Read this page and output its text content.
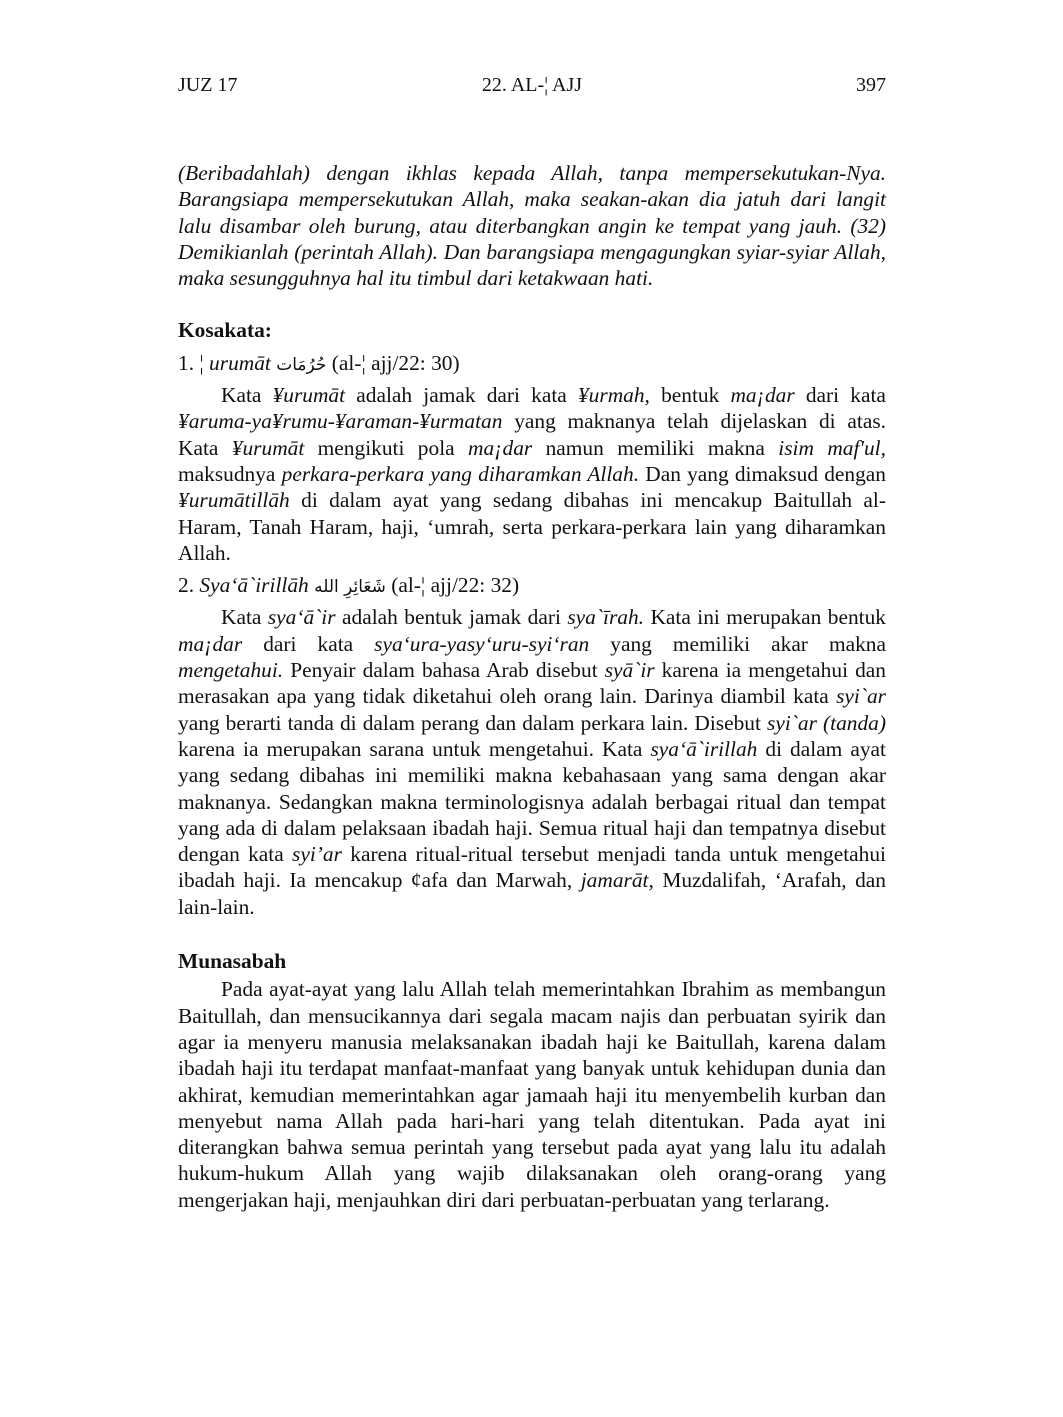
JUZ 17	22. AL-¦ AJJ	397

(Beribadahlah) dengan ikhlas kepada Allah, tanpa mempersekutukan-Nya. Barangsiapa mempersekutukan Allah, maka seakan-akan dia jatuh dari langit lalu disambar oleh burung, atau diterbangkan angin ke tempat yang jauh. (32) Demikianlah (perintah Allah). Dan barangsiapa mengagungkan syiar-syiar Allah, maka sesungguhnya hal itu timbul dari ketakwaan hati.

Kosakata:

1. ¦ urumāt حُرُمَات (al-¦ ajj/22: 30)

Kata ¥urumāt adalah jamak dari kata ¥urmah, bentuk ma¡dar dari kata ¥aruma-ya¥rumu-¥araman-¥urmatan yang maknanya telah dijelaskan di atas. Kata ¥urumāt mengikuti pola ma¡dar namun memiliki makna isim maf'ul, maksudnya perkara-perkara yang diharamkan Allah. Dan yang dimaksud dengan ¥urumātillāh di dalam ayat yang sedang dibahas ini mencakup Baitullah al-Haram, Tanah Haram, haji, ‘umrah, serta perkara-perkara lain yang diharamkan Allah.

2. Sya‘ā`irillāh شَعَائِرِ الله (al-¦ ajj/22: 32)

Kata sya‘ā`ir adalah bentuk jamak dari sya`īrah. Kata ini merupakan bentuk ma¡dar dari kata sya‘ura-yasy‘uru-syi‘ran yang memiliki akar makna mengetahui. Penyair dalam bahasa Arab disebut syā`ir karena ia mengetahui dan merasakan apa yang tidak diketahui oleh orang lain. Darinya diambil kata syi`ar yang berarti tanda di dalam perang dan dalam perkara lain. Disebut syi`ar (tanda) karena ia merupakan sarana untuk mengetahui. Kata sya‘ā`irillah di dalam ayat yang sedang dibahas ini memiliki makna kebahasaan yang sama dengan akar maknanya. Sedangkan makna terminologisnya adalah berbagai ritual dan tempat yang ada di dalam pelaksaan ibadah haji. Semua ritual haji dan tempatnya disebut dengan kata syi’ar karena ritual-ritual tersebut menjadi tanda untuk mengetahui ibadah haji. Ia mencakup ¢afa dan Marwah, jamarāt, Muzdalifah, ‘Arafah, dan lain-lain.

Munasabah

Pada ayat-ayat yang lalu Allah telah memerintahkan Ibrahim as membangun Baitullah, dan mensucikannya dari segala macam najis dan perbuatan syirik dan agar ia menyeru manusia melaksanakan ibadah haji ke Baitullah, karena dalam ibadah haji itu terdapat manfaat-manfaat yang banyak untuk kehidupan dunia dan akhirat, kemudian memerintahkan agar jamaah haji itu menyembelih kurban dan menyebut nama Allah pada hari-hari yang telah ditentukan. Pada ayat ini diterangkan bahwa semua perintah yang tersebut pada ayat yang lalu itu adalah hukum-hukum Allah yang wajib dilaksanakan oleh orang-orang yang mengerjakan haji, menjauhkan diri dari perbuatan-perbuatan yang terlarang.
